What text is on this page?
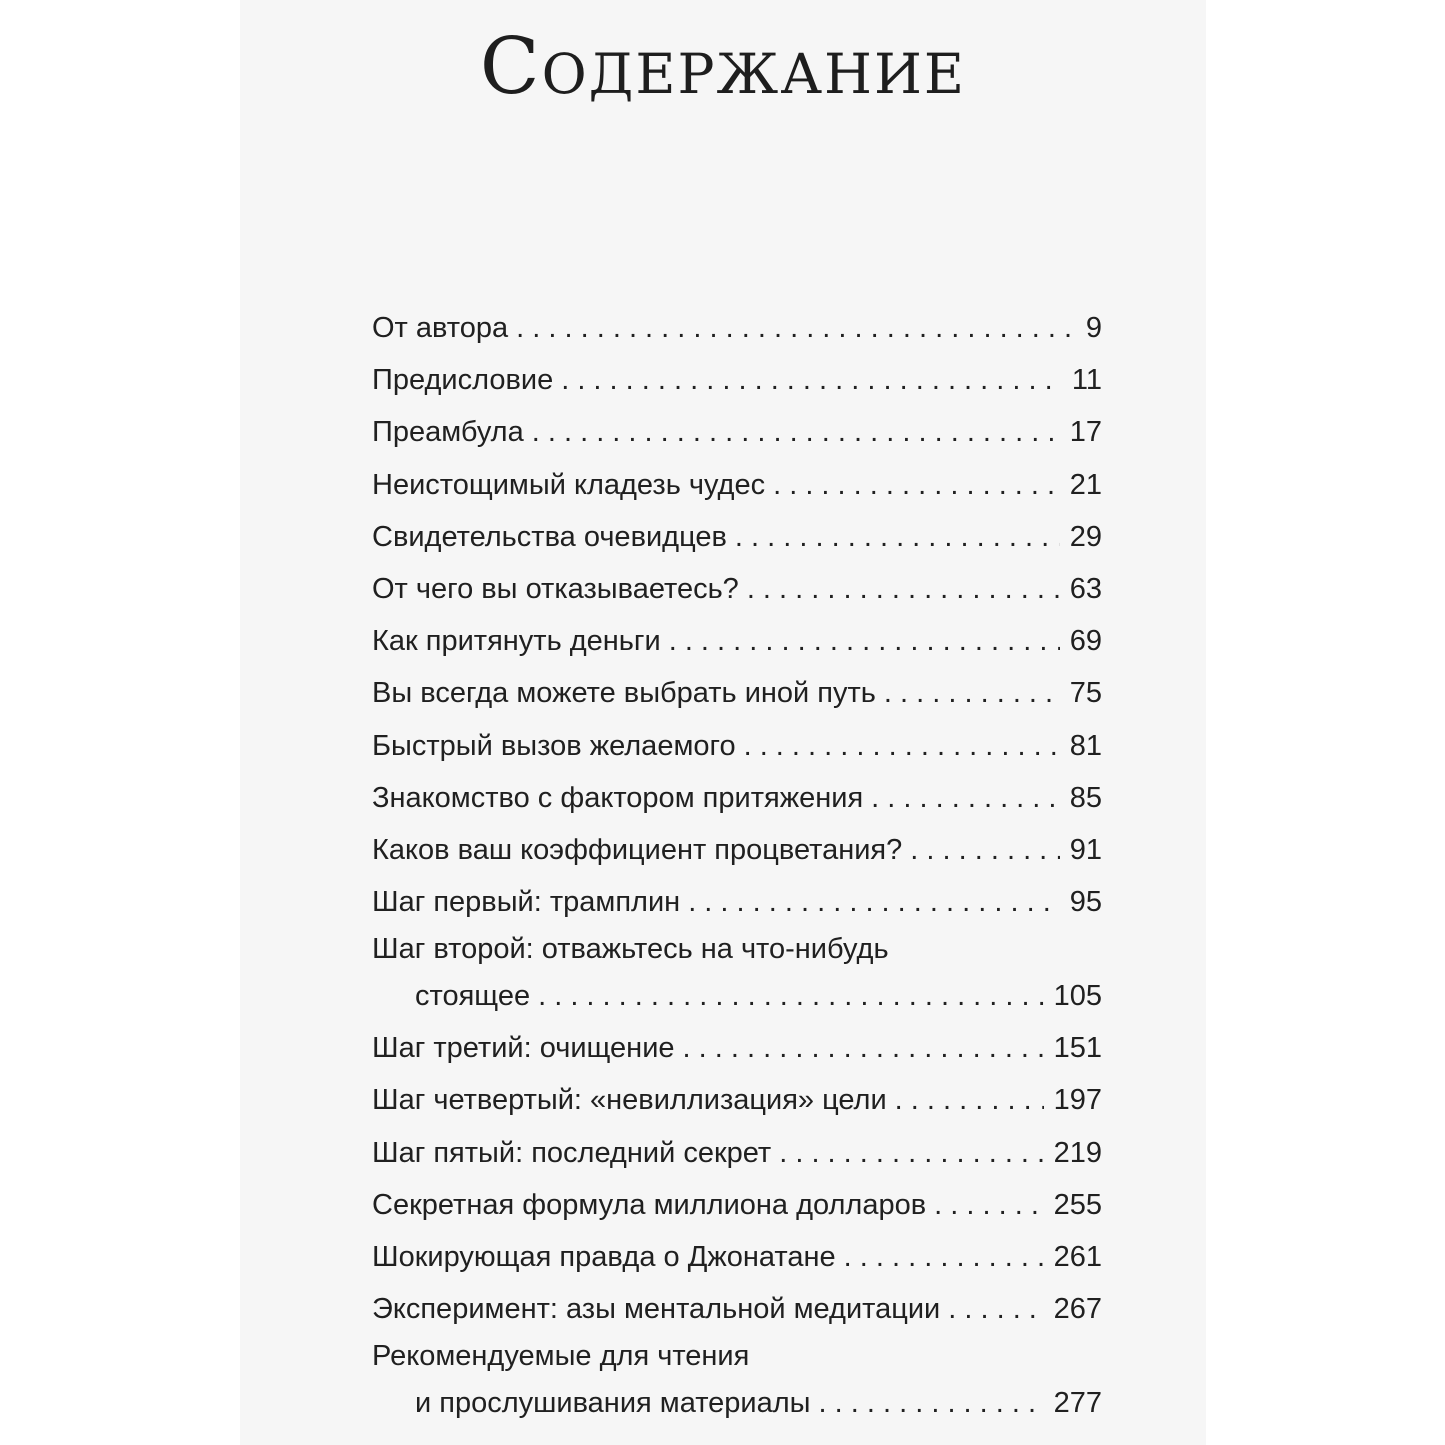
Содержание
От автора . . .	9
Предисловие . . .	11
Преамбула . . .	17
Неистощимый кладезь чудес . . .	21
Свидетельства очевидцев . . .	29
От чего вы отказываетесь? . . .	63
Как притянуть деньги . . .	69
Вы всегда можете выбрать иной путь . . .	75
Быстрый вызов желаемого . . .	81
Знакомство с фактором притяжения . . .	85
Каков ваш коэффициент процветания? . . .	91
Шаг первый: трамплин . . .	95
Шаг второй: отважьтесь на что-нибудь
стоящее . . .	105
Шаг третий: очищение . . .	151
Шаг четвертый: «невиллизация» цели . . .	197
Шаг пятый: последний секрет . . .	219
Секретная формула миллиона долларов . . .	255
Шокирующая правда о Джонатане . . .	261
Эксперимент: азы ментальной медитации . . .	267
Рекомендуемые для чтения
и прослушивания материалы . . .	277
